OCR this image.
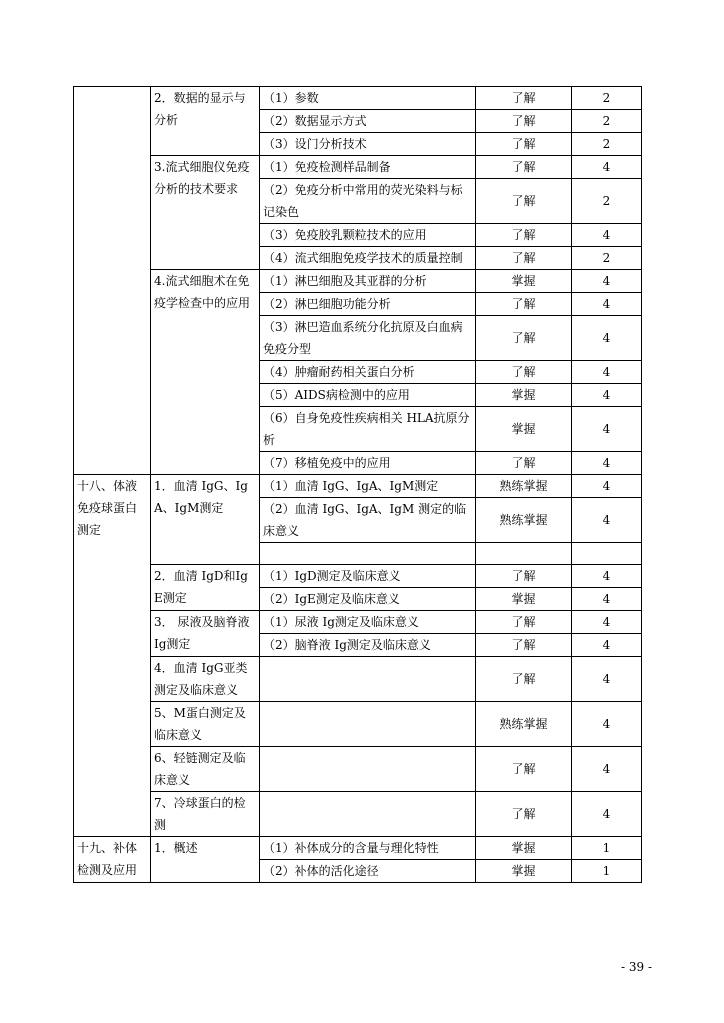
	2．数据的显示与分析	（1）参数	了解	2
		（2）数据显示方式	了解	2
		（3）设门分析技术	了解	2
	3.流式细胞仪免疫分析的技术要求	（1）免疫检测样品制备	了解	4
		（2）免疫分析中常用的荧光染料与标记染色	了解	2
		（3）免疫胶乳颗粒技术的应用	了解	4
		（4）流式细胞免疫学技术的质量控制	了解	2
	4.流式细胞术在免疫学检查中的应用	（1）淋巴细胞及其亚群的分析	掌握	4
		（2）淋巴细胞功能分析	了解	4
		（3）淋巴造血系统分化抗原及白血病免疫分型	了解	4
		（4）肿瘤耐药相关蛋白分析	了解	4
		（5）AIDS病检测中的应用	掌握	4
		（6）自身免疫性疾病相关 HLA抗原分析	掌握	4
		（7）移植免疫中的应用	了解	4
十八、体液免疫球蛋白测定	1．血清 IgG、IgA、IgM测定	（1）血清 IgG、IgA、IgM测定	熟练掌握	4
		（2）血清 IgG、IgA、IgM 测定的临床意义	熟练掌握	4

	2．血清 IgD和IgE测定	（1）IgD测定及临床意义	了解	4
		（2）IgE测定及临床意义	掌握	4
	3． 尿液及脑脊液 Ig测定	（1）尿液 Ig测定及临床意义	了解	4
		（2）脑脊液 Ig测定及临床意义	了解	4
	4．血清 IgG亚类测定及临床意义		了解	4
	5、M蛋白测定及临床意义		熟练掌握	4
	6、轻链测定及临床意义		了解	4
	7、冷球蛋白的检测		了解	4
十九、补体检测及应用	1．概述	（1）补体成分的含量与理化特性	掌握	1
		（2）补体的活化途径	掌握	1
- 39 -
